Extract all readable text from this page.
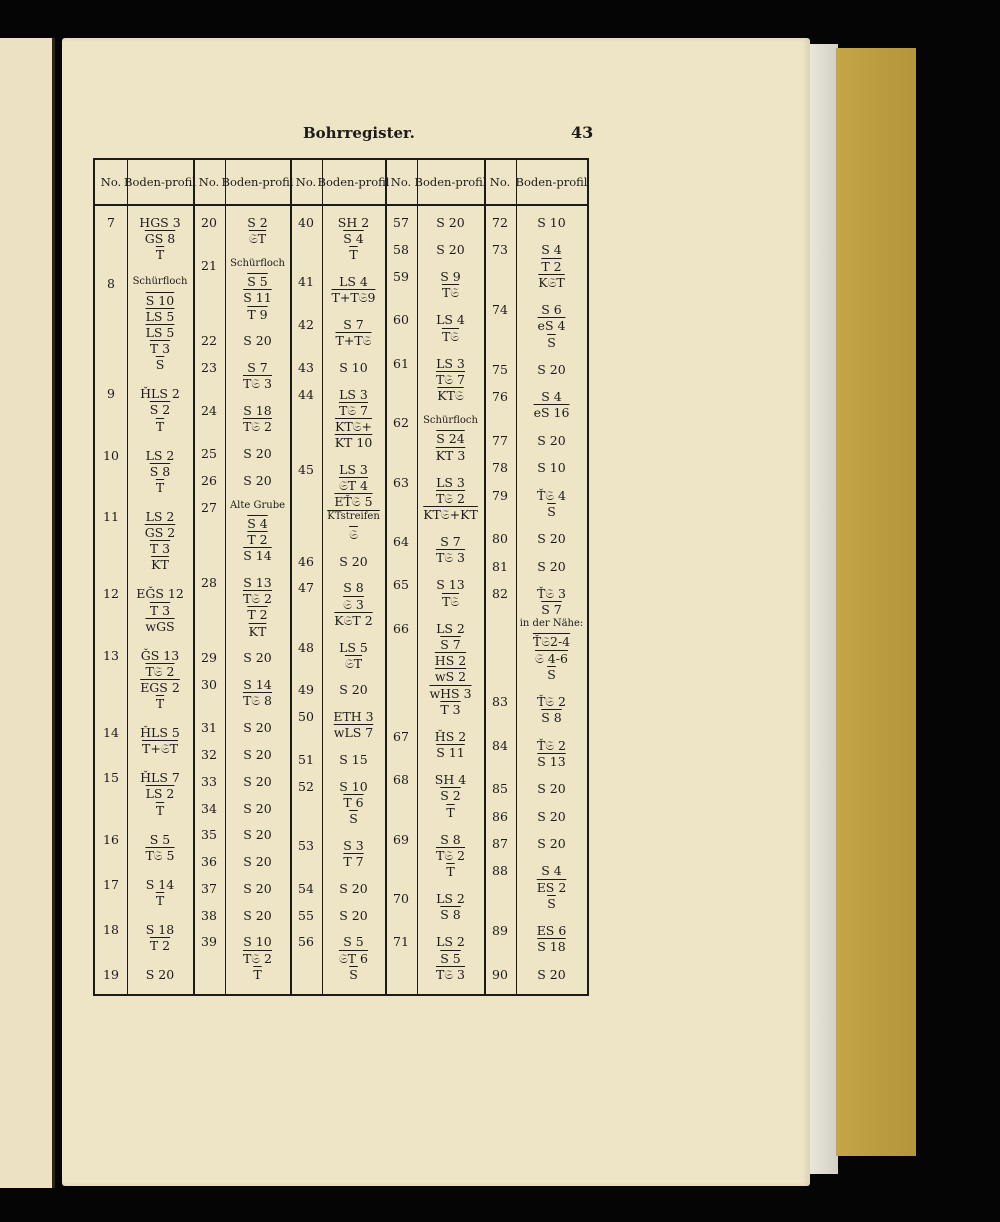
Bohrregister.	43
No. Boden- profil No. Boden- profil No. Boden- profil No. Boden- profil No. Boden- profil
7	HGS 3
GS 8
$\overline{T}$
8	Schürfloch
S 10
LS 5
LS 5
T 3
$\overline{S}$
9	ȞLS 2
S 2
$\overline{T}$
10	LS 2
S 8
$\overline{T}$
11	LS 2
GS 2
T 3
$\overline{KT}$
12	EǦS 12
T 3
$\overline{wGS}$
13	ǦS 13
T𝔖 2
EGS 2
$\overline{T}$
14	ȞLS 5
T+𝔖T
15	ȞLS 7
LS 2
$\overline{T}$
16	S 5
T𝔖 5
17	S 14
$\overline{T}$
18	S 18
T 2
19	S 20
20	S 2
𝔖T
21	Schürfloch
S 5
S 11
T 9
22	S 20
23	S 7
T𝔖 3
24	S 18
T𝔖 2
25	S 20
26	S 20
27	Alte Grube
S 4
T 2
S 14
28	S 13
T𝔖 2
T 2
$\overline{KT}$
29	S 20
30	S 14
T𝔖 8
31	S 20
32	S 20
33	S 20
34	S 20
35	S 20
36	S 20
37	S 20
38	S 20
39	S 10
T𝔖 2
$\overline{T}$
40	SH 2
S 4
$\overline{T}$
41	LS 4
T+T𝔖9
42	S 7
T+T𝔖
43	S 10
44	LS 3
T𝔖 7
KT𝔖+
KT 10
45	LS 3
𝔖T 4
EŤ𝔖 5
KTstreifen
𝔖
46	S 20
47	S 8
𝔖 3
K𝔖T 2
48	LS 5
𝔖T
49	S 20
50	ETH 3
wLS 7
51	S 15
52	S 10
T 6
$\overline{S}$
53	S 3
T 7
54	S 20
55	S 20
56	S 5
𝔖T 6
$\overline{S}$
57	S 20
58	S 20
59	S 9
T𝔖
60	LS 4
T𝔖
61	LS 3
T𝔖 7
KT𝔖
62	Schürfloch
S 24
KT 3
63	LS 3
T𝔖 2
KT𝔖+KT
64	S 7
T𝔖 3
65	S 13
T𝔖
66	LS 2
S 7
HS 2
wS 2
wHS 3
T 3
67	ȞS 2
S 11
68	SH 4
S 2
$\overline{T}$
69	S 8
T𝔖 2
$\overline{T}$
70	LS 2
S 8
71	LS 2
S 5
T𝔖 3
72	S 10
73	S 4
T 2
K𝔖T
74	S 6
eS 4
$\overline{S}$
75	S 20
76	S 4
eS 16
77	S 20
78	S 10
79	Ť𝔖 4
$\overline{S}$
80	S 20
81	S 20
82	Ť𝔖 3
S 7
in der Nähe:
Ť𝔖2-4
𝔖 4-6
$\overline{S}$
83	Ť𝔖 2
S 8
84	Ť𝔖 2
S 13
85	S 20
86	S 20
87	S 20
88	S 4
ES 2
$\overline{S}$
89	ES 6
S 18
90	S 20
